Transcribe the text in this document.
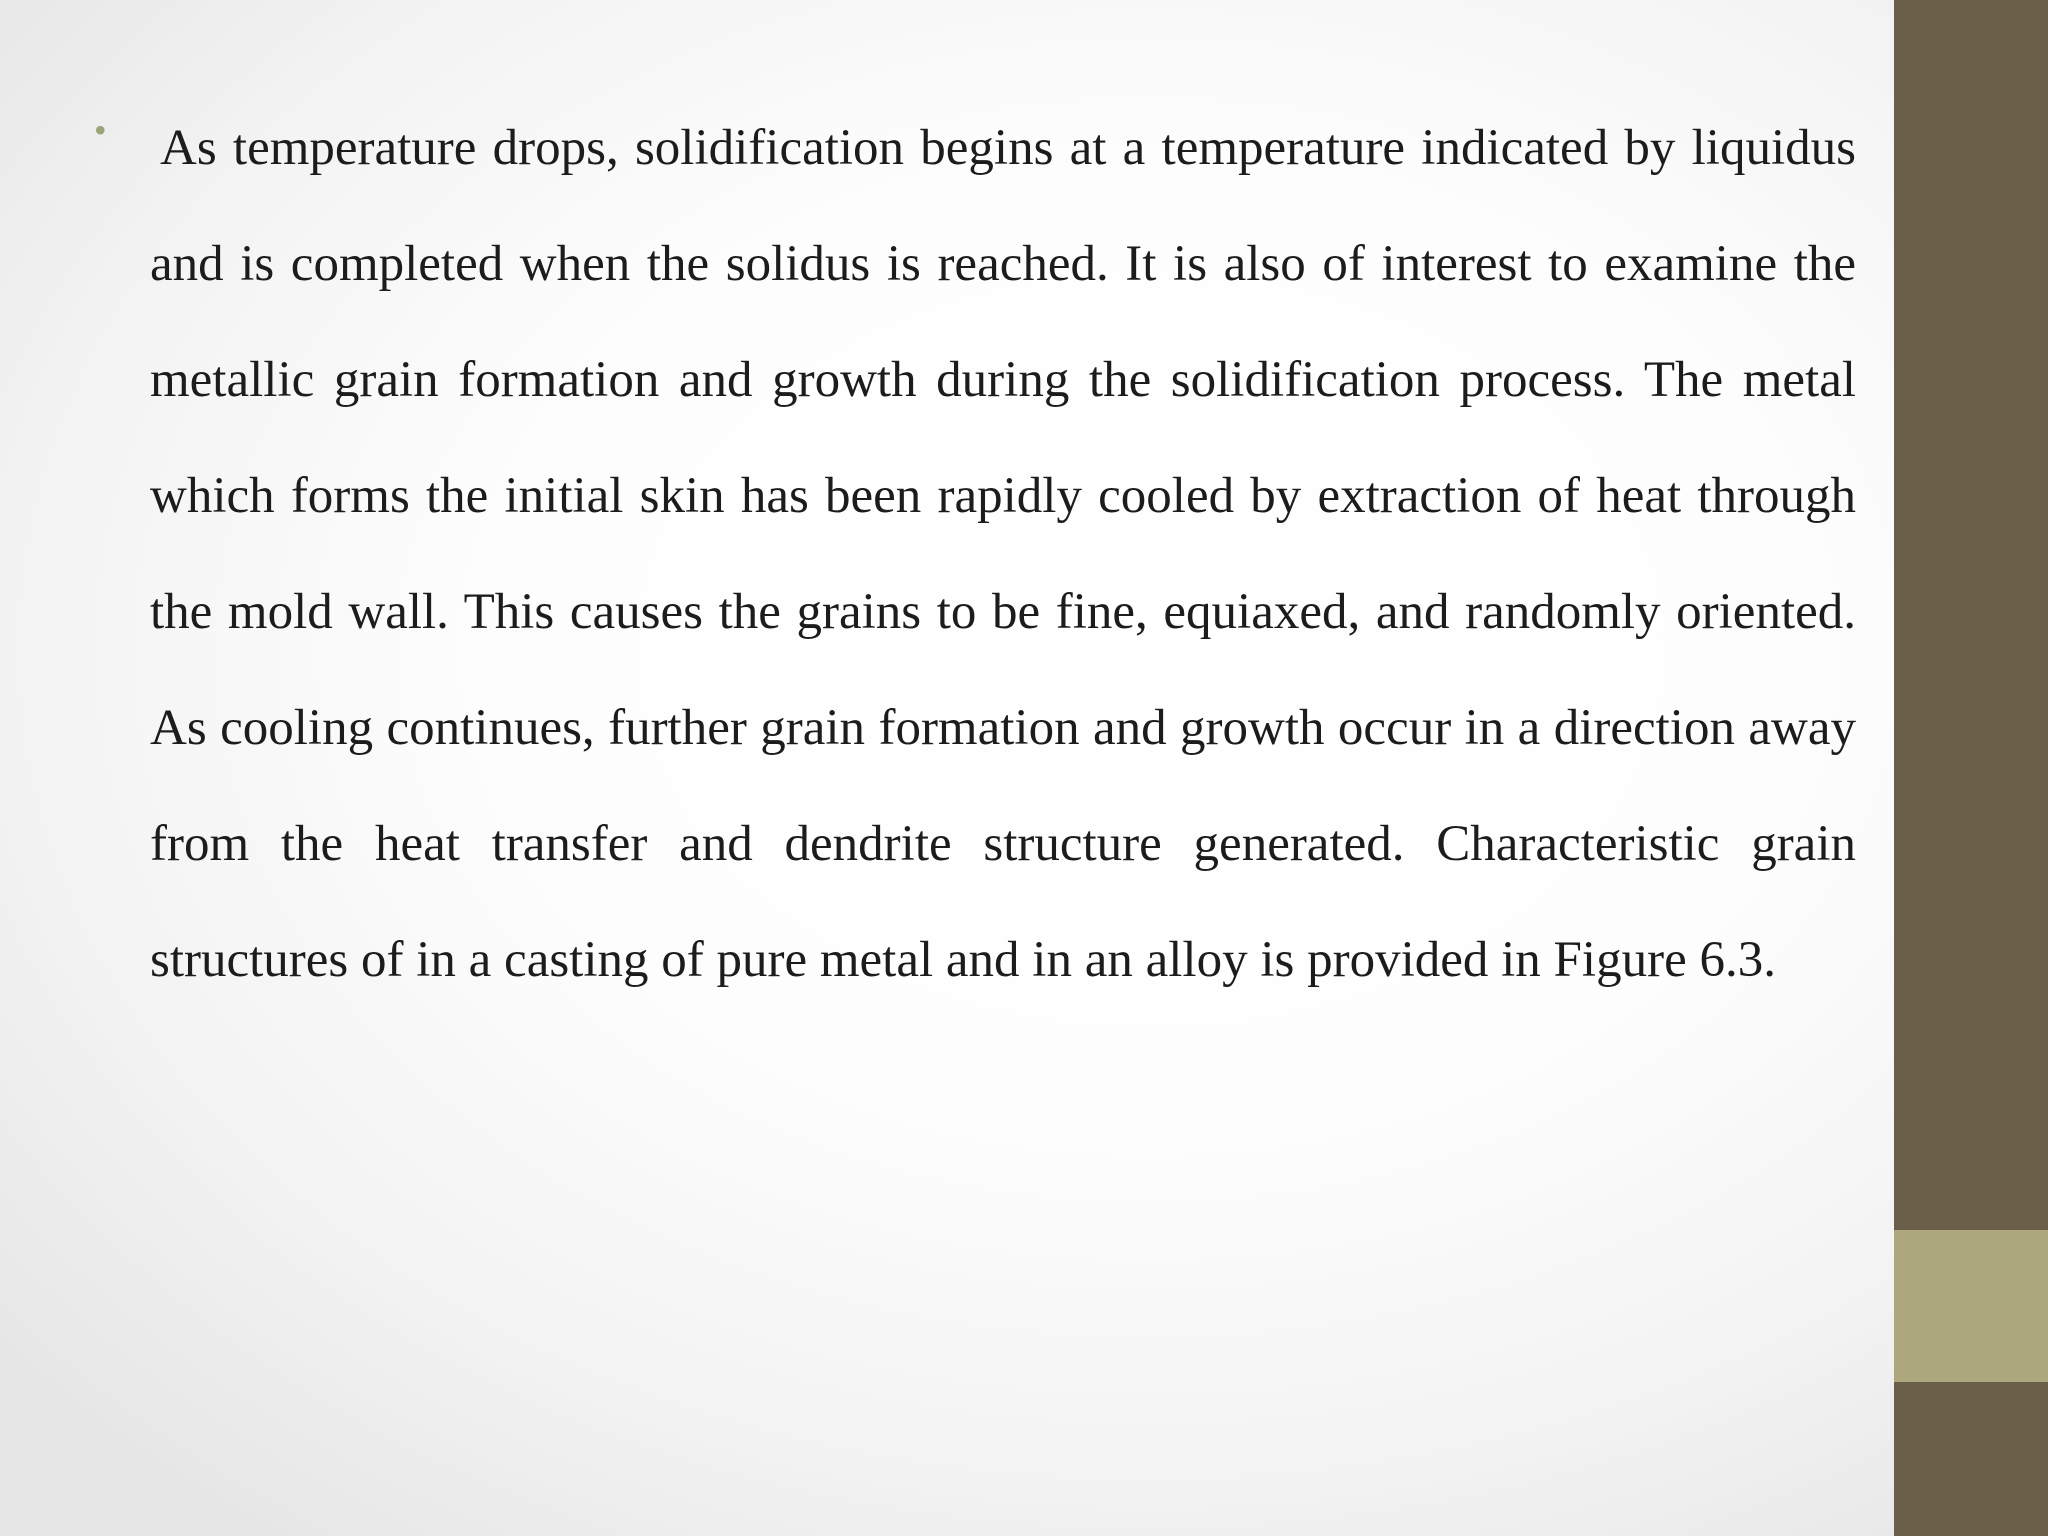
• As temperature drops, solidification begins at a temperature indicated by liquidus and is completed when the solidus is reached. It is also of interest to examine the metallic grain formation and growth during the solidification process. The metal which forms the initial skin has been rapidly cooled by extraction of heat through the mold wall. This causes the grains to be fine, equiaxed, and randomly oriented. As cooling continues, further grain formation and growth occur in a direction away from the heat transfer and dendrite structure generated. Characteristic grain structures of in a casting of pure metal and in an alloy is provided in Figure 6.3.
